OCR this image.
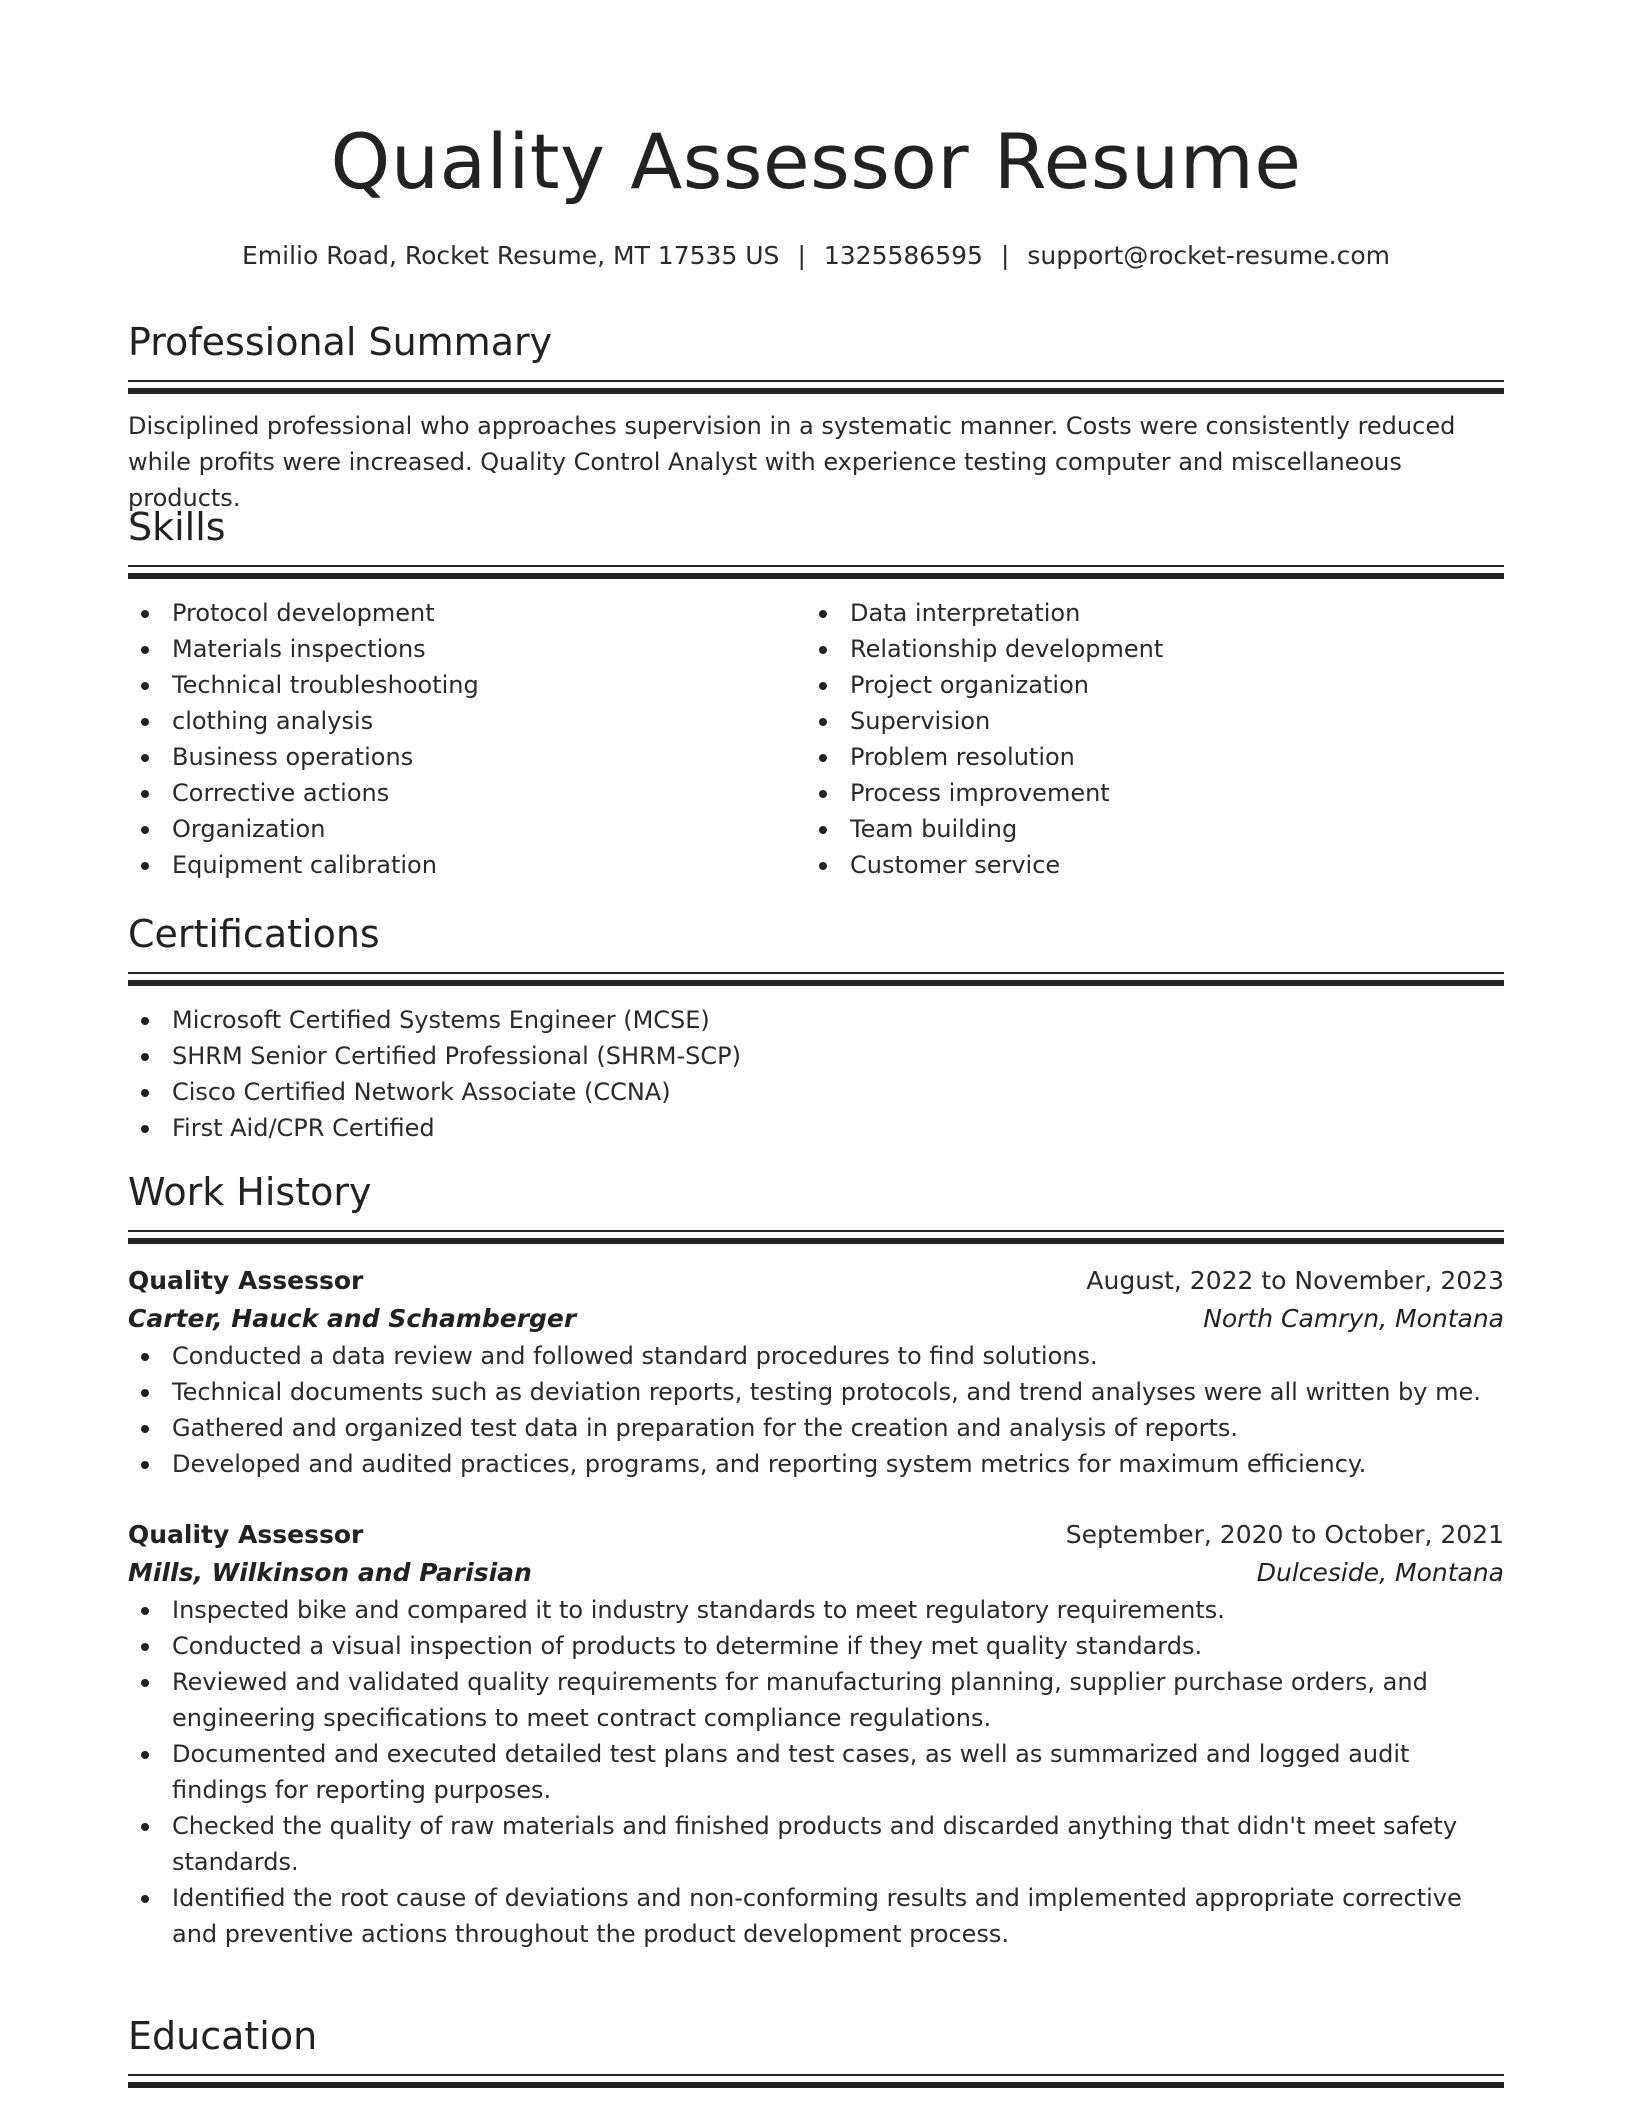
Quality Assessor Resume
Emilio Road, Rocket Resume, MT 17535 US | 1325586595 | support@rocket-resume.com
Professional Summary

Disciplined professional who approaches supervision in a systematic manner. Costs were consistently reduced while profits were increased. Quality Control Analyst with experience testing computer and miscellaneous products.

Skills
Protocol development
Materials inspections
Technical troubleshooting
clothing analysis
Business operations
Corrective actions
Organization
Equipment calibration
Data interpretation
Relationship development
Project organization
Supervision
Problem resolution
Process improvement
Team building
Customer service
Certifications
Microsoft Certified Systems Engineer (MCSE)
SHRM Senior Certified Professional (SHRM-SCP)
Cisco Certified Network Associate (CCNA)
First Aid/CPR Certified
Work History
Quality Assessor	August, 2022 to November, 2023
Carter, Hauck and Schamberger	North Camryn, Montana
Conducted a data review and followed standard procedures to find solutions.
Technical documents such as deviation reports, testing protocols, and trend analyses were all written by me.
Gathered and organized test data in preparation for the creation and analysis of reports.
Developed and audited practices, programs, and reporting system metrics for maximum efficiency.
Quality Assessor	September, 2020 to October, 2021
Mills, Wilkinson and Parisian	Dulceside, Montana
Inspected bike and compared it to industry standards to meet regulatory requirements.
Conducted a visual inspection of products to determine if they met quality standards.
Reviewed and validated quality requirements for manufacturing planning, supplier purchase orders, and engineering specifications to meet contract compliance regulations.
Documented and executed detailed test plans and test cases, as well as summarized and logged audit findings for reporting purposes.
Checked the quality of raw materials and finished products and discarded anything that didn't meet safety standards.
Identified the root cause of deviations and non-conforming results and implemented appropriate corrective and preventive actions throughout the product development process.
Education
